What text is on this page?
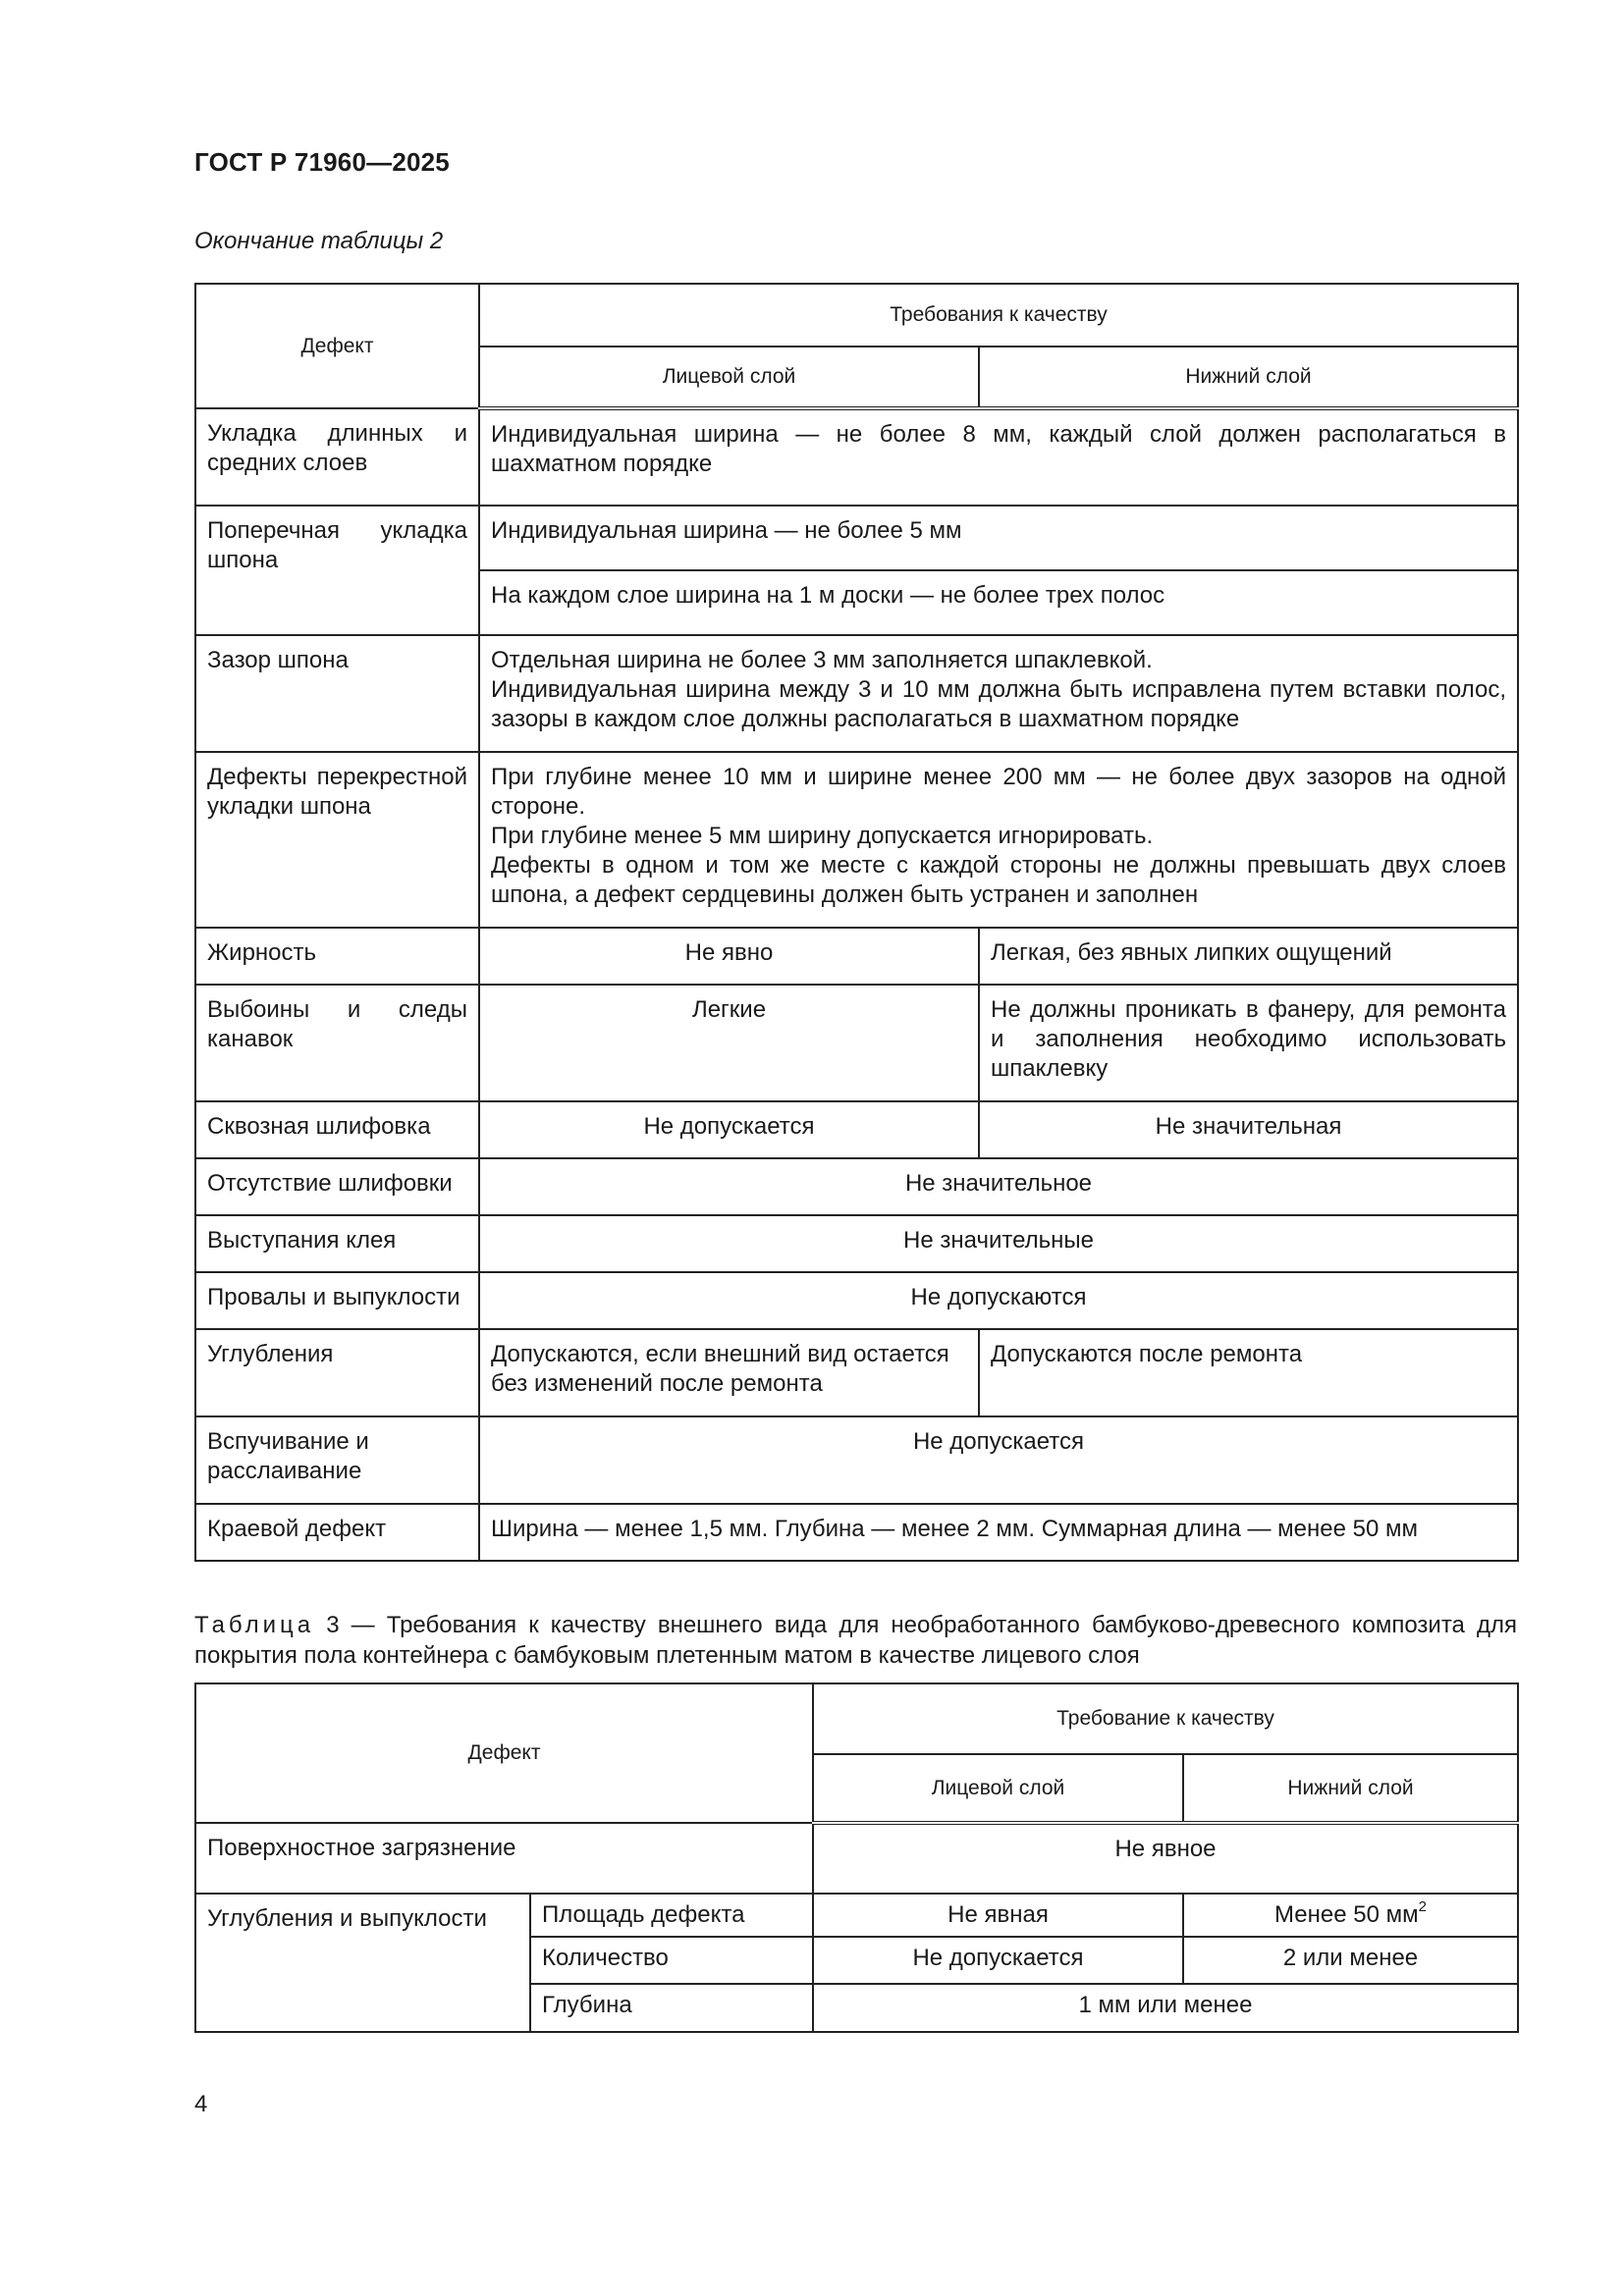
ГОСТ Р 71960—2025

Окончание таблицы 2

Дефект	Требования к качеству	
	Лицевой слой	Нижний слой
Укладка длинных и средних слоев	Индивидуальная ширина — не более 8 мм, каждый слой должен располагаться в шахматном порядке	
Поперечная укладка шпона	Индивидуальная ширина — не более 5 мм	
	На каждом слое ширина на 1 м доски — не более трех полос	
Зазор шпона	Отдельная ширина не более 3 мм заполняется шпаклевкой.
Индивидуальная ширина между 3 и 10 мм должна быть исправлена путем вставки полос, зазоры в каждом слое должны располагаться в шахматном порядке	

Дефекты перекрестной укладки шпона	При глубине менее 10 мм и ширине менее 200 мм — не более двух зазоров на одной стороне.
При глубине менее 5 мм ширину допускается игнорировать.
Дефекты в одном и том же месте с каждой стороны не должны превышать двух слоев шпона, а дефект сердцевины должен быть устранен и заполнен	

Жирность	Не явно	Легкая, без явных липких ощущений
Выбоины и следы канавок	Легкие	Не должны проникать в фанеру, для ремонта и заполнения необходимо использовать шпаклевку
Сквозная шлифовка	Не допускается	Не значительная
Отсутствие шлифовки	Не значительное	
Выступания клея	Не значительные	
Провалы и выпуклости	Не допускаются	
Углубления	Допускаются, если внешний вид остается без изменений после ремонта	Допускаются после ремонта
Вспучивание и расслаивание	Не допускается	
Краевой дефект	Ширина — менее 1,5 мм. Глубина — менее 2 мм. Суммарная длина — менее 50 мм	

Таблица 3 — Требования к качеству внешнего вида для необработанного бамбуково-древесного композита для покрытия пола контейнера с бамбуковым плетенным матом в качестве лицевого слоя

Дефект		Требование к качеству	
		Лицевой слой	Нижний слой
Поверхностное загрязнение		Не явное	
Углубления и выпуклости	Площадь дефекта	Не явная	Менее 50 $мм^2$
	Количество	Не допускается	2 или менее
	Глубина	1 мм или менее	

4
